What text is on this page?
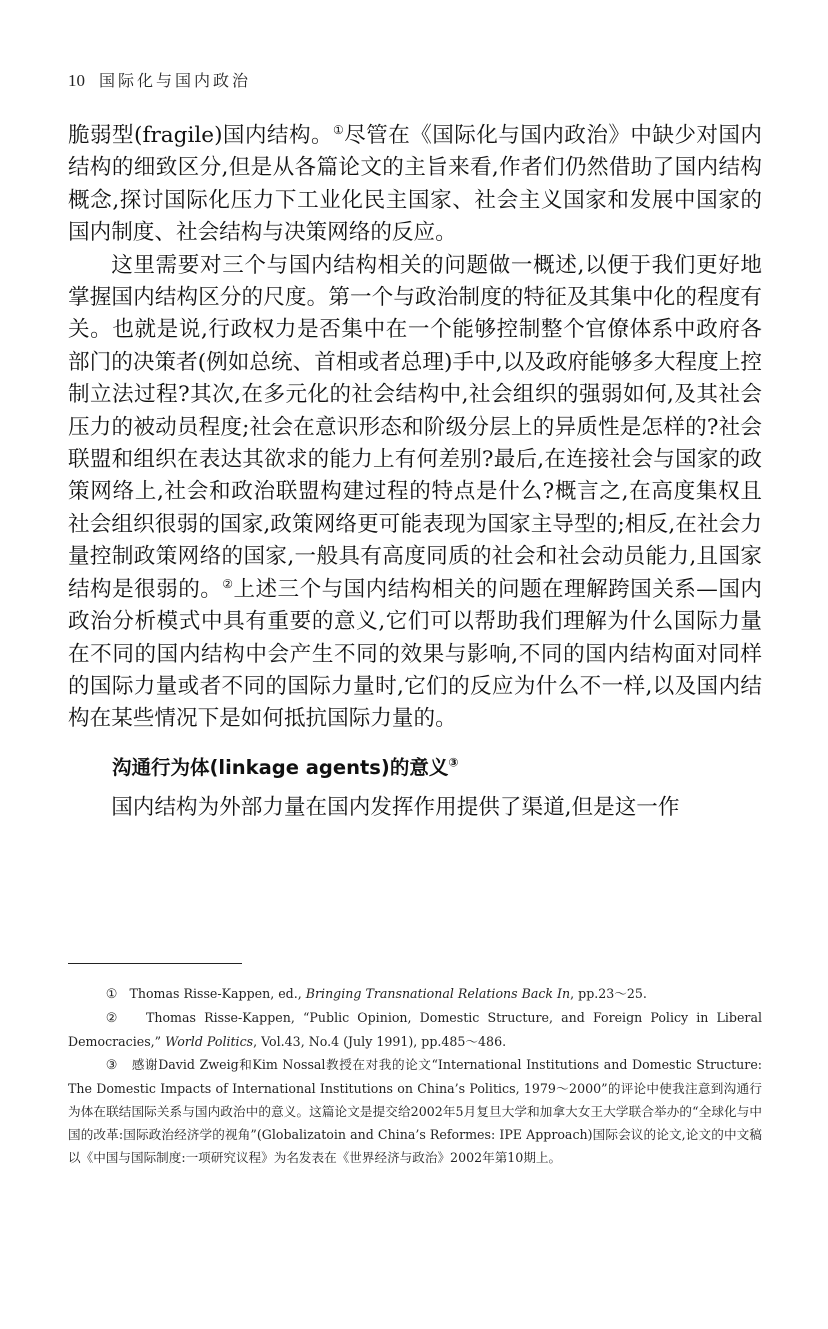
10 国际化与国内政治

脆弱型(fragile)国内结构。①尽管在《国际化与国内政治》中缺少对国内结构的细致区分,但是从各篇论文的主旨来看,作者们仍然借助了国内结构概念,探讨国际化压力下工业化民主国家、社会主义国家和发展中国家的国内制度、社会结构与决策网络的反应。

这里需要对三个与国内结构相关的问题做一概述,以便于我们更好地掌握国内结构区分的尺度。第一个与政治制度的特征及其集中化的程度有关。也就是说,行政权力是否集中在一个能够控制整个官僚体系中政府各部门的决策者(例如总统、首相或者总理)手中,以及政府能够多大程度上控制立法过程?其次,在多元化的社会结构中,社会组织的强弱如何,及其社会压力的被动员程度;社会在意识形态和阶级分层上的异质性是怎样的?社会联盟和组织在表达其欲求的能力上有何差别?最后,在连接社会与国家的政策网络上,社会和政治联盟构建过程的特点是什么?概言之,在高度集权且社会组织很弱的国家,政策网络更可能表现为国家主导型的;相反,在社会力量控制政策网络的国家,一般具有高度同质的社会和社会动员能力,且国家结构是很弱的。②上述三个与国内结构相关的问题在理解跨国关系—国内政治分析模式中具有重要的意义,它们可以帮助我们理解为什么国际力量在不同的国内结构中会产生不同的效果与影响,不同的国内结构面对同样的国际力量或者不同的国际力量时,它们的反应为什么不一样,以及国内结构在某些情况下是如何抵抗国际力量的。

沟通行为体(linkage agents)的意义③

国内结构为外部力量在国内发挥作用提供了渠道,但是这一作

① Thomas Risse-Kappen, ed., Bringing Transnational Relations Back In, pp.23～25.

② Thomas Risse-Kappen, “Public Opinion, Domestic Structure, and Foreign Policy in Liberal Democracies,” World Politics, Vol.43, No.4 (July 1991), pp.485～486.

③ 感谢David Zweig和Kim Nossal教授在对我的论文“International Institutions and Domestic Structure: The Domestic Impacts of International Institutions on China’s Politics, 1979～2000”的评论中使我注意到沟通行为体在联结国际关系与国内政治中的意义。这篇论文是提交给2002年5月复旦大学和加拿大女王大学联合举办的“全球化与中国的改革:国际政治经济学的视角”(Globalizatoin and China’s Reformes: IPE Approach)国际会议的论文,论文的中文稿以《中国与国际制度:一项研究议程》为名发表在《世界经济与政治》2002年第10期上。
